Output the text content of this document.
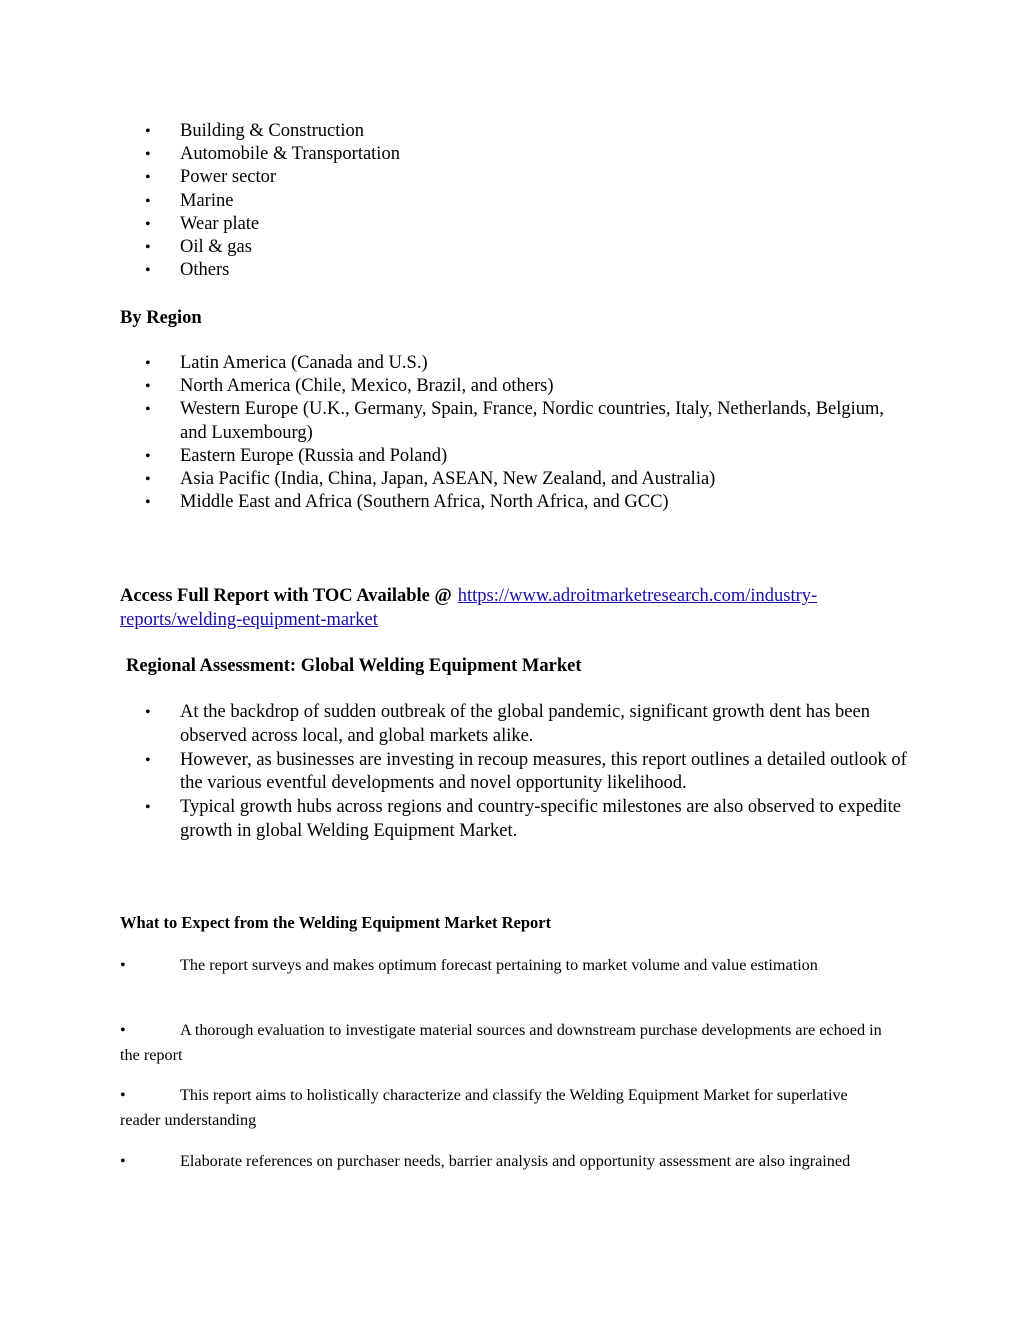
• Building & Construction
• Automobile & Transportation
• Power sector
• Marine
• Wear plate
• Oil & gas
• Others
By Region
• Latin America (Canada and U.S.)
• North America (Chile, Mexico, Brazil, and others)
• Western Europe (U.K., Germany, Spain, France, Nordic countries, Italy, Netherlands, Belgium, and Luxembourg)
• Eastern Europe (Russia and Poland)
• Asia Pacific (India, China, Japan, ASEAN, New Zealand, and Australia)
• Middle East and Africa (Southern Africa, North Africa, and GCC)
Access Full Report with TOC Available @ https://www.adroitmarketresearch.com/industry-reports/welding-equipment-market
Regional Assessment: Global Welding Equipment Market
• At the backdrop of sudden outbreak of the global pandemic, significant growth dent has been observed across local, and global markets alike.
• However, as businesses are investing in recoup measures, this report outlines a detailed outlook of the various eventful developments and novel opportunity likelihood.
• Typical growth hubs across regions and country-specific milestones are also observed to expedite growth in global Welding Equipment Market.
What to Expect from the Welding Equipment Market Report
•	The report surveys and makes optimum forecast pertaining to market volume and value estimation
•	A thorough evaluation to investigate material sources and downstream purchase developments are echoed in the report
•	This report aims to holistically characterize and classify the Welding Equipment Market for superlative reader understanding
•	Elaborate references on purchaser needs, barrier analysis and opportunity assessment are also ingrained
